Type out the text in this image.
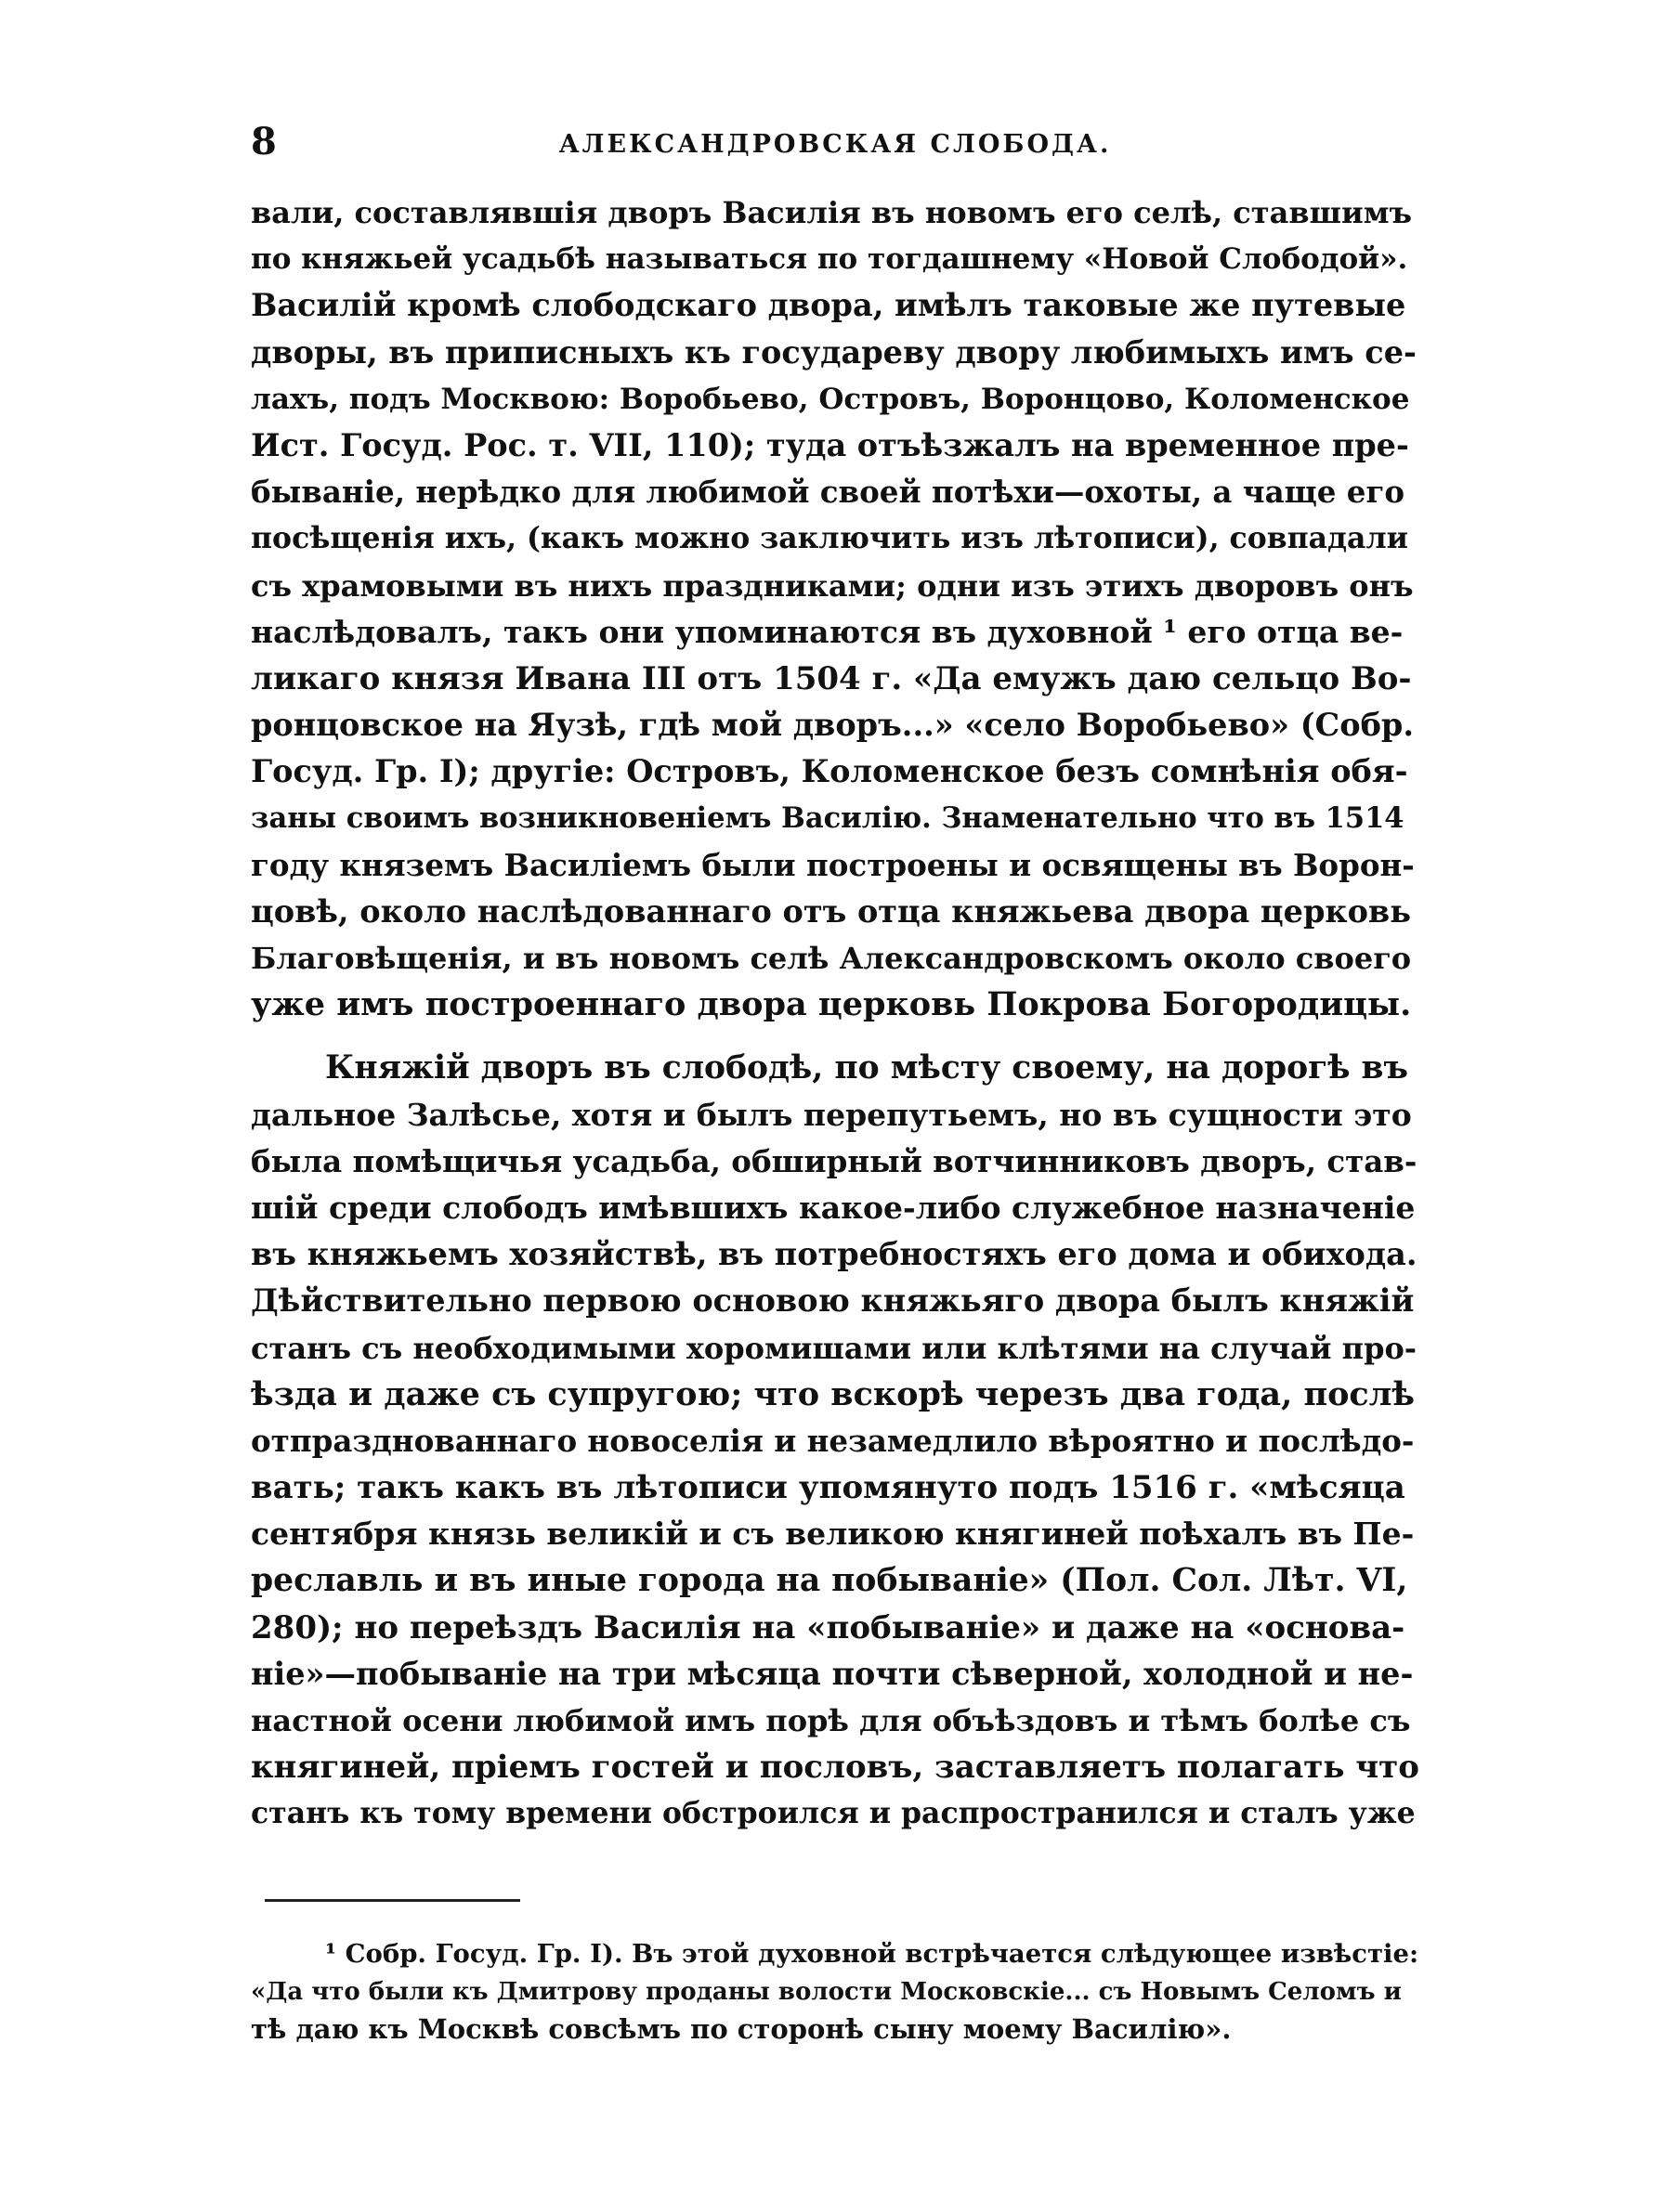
8	АЛЕКСАНДРОВСКАЯ СЛОБОДА.
вали, составлявшія дворъ Василія въ новомъ его селѣ, ставшимъ
по княжьей усадьбѣ называться по тогдашнему «Новой Слободой».
Василій кромѣ слободскаго двора, имѣлъ таковые же путевые
дворы, въ приписныхъ къ государеву двору любимыхъ имъ се-
лахъ, подъ Москвою: Воробьево, Островъ, Воронцово, Коломенское
Ист. Госуд. Рос. т. VII, 110); туда отъѣзжалъ на временное пре-
быванiе, нерѣдко для любимой своей потѣхи—охоты, а чаще его
посѣщенія ихъ, (какъ можно заключить изъ лѣтописи), совпадали
съ храмовыми въ нихъ праздниками; одни изъ этихъ дворовъ онъ
наслѣдовалъ, такъ они упоминаются въ духовной ¹ его отца ве-
ликаго князя Ивана III отъ 1504 г. «Да емужъ даю сельцо Во-
ронцовское на Яузѣ, гдѣ мой дворъ...» «село Воробьево» (Собр.
Госуд. Гр. I); другіе: Островъ, Коломенское безъ сомнѣнія обя-
заны своимъ возникновеніемъ Василію. Знаменательно что въ 1514
году княземъ Василіемъ были построены и освящены въ Ворон-
цовѣ, около наслѣдованнаго отъ отца княжьева двора церковь
Благовѣщенія, и въ новомъ селѣ Александровскомъ около своего
уже имъ построеннаго двора церковь Покрова Богородицы.
Княжій дворъ въ слободѣ, по мѣсту своему, на дорогѣ въ
дальное Залѣсье, хотя и былъ перепутьемъ, но въ сущности это
была помѣщичья усадьба, обширный вотчинниковъ дворъ, став-
шій среди слободъ имѣвшихъ какое-либо служебное назначеніе
въ княжьемъ хозяйствѣ, въ потребностяхъ его дома и обихода.
Дѣйствительно первою основою княжьяго двора былъ княжій
станъ съ необходимыми хоромишами или клѣтями на случай про-
ѣзда и даже съ супругою; что вскорѣ черезъ два года, послѣ
отпразднованнаго новоселія и незамедлило вѣроятно и послѣдо-
вать; такъ какъ въ лѣтописи упомянуто подъ 1516 г. «мѣсяца
сентября князь великій и съ великою княгиней поѣхалъ въ Пе-
реславль и въ иные города на побываніе» (Пол. Сол. Лѣт. VI,
280); но переѣздъ Василія на «побываніе» и даже на «оснoва-
ніе»—побываніе на три мѣсяца почти сѣверной, холодной и не-
настной осени любимой имъ порѣ для объѣздовъ и тѣмъ болѣе съ
княгиней, пріемъ гостей и пословъ, заставляетъ полагать что
станъ къ тому времени обстроился и распространился и сталъ уже
¹ Собр. Госуд. Гр. I). Въ этой духовной встрѣчается слѣдующее извѣстіе:
«Да что были къ Дмитрову проданы волости Московскіе... съ Новымъ Селомъ и
тѣ даю къ Москвѣ совсѣмъ по сторонѣ сыну моему Василію».
